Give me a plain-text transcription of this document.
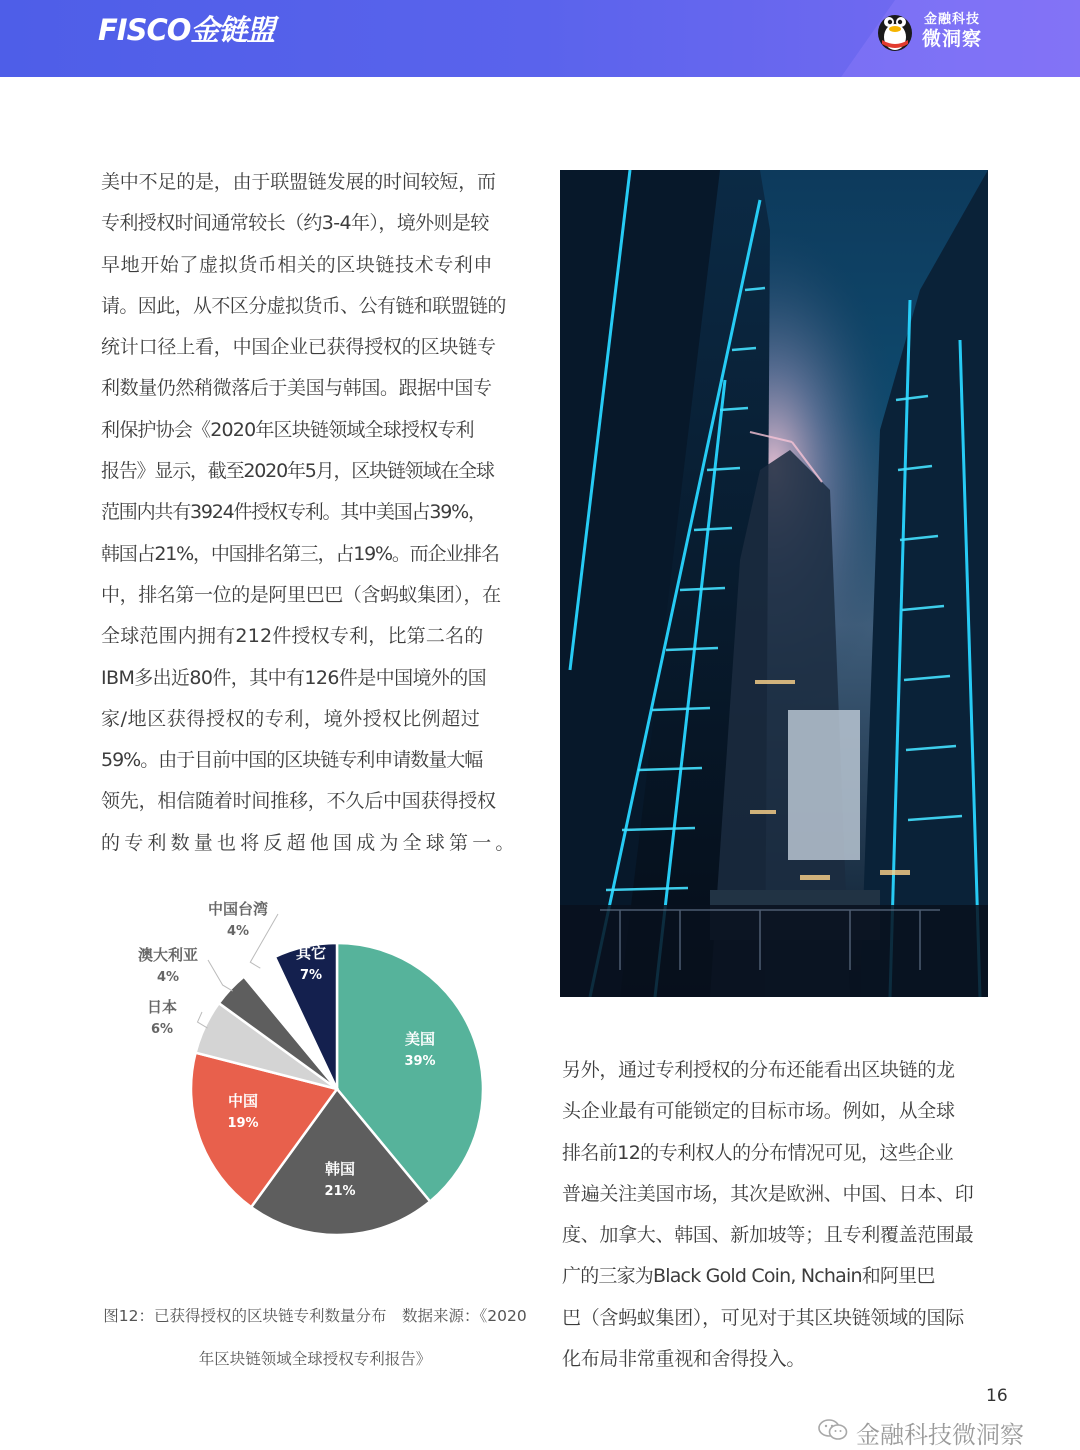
FISCO金链盟	金融科技
微洞察
美中不足的是，由于联盟链发展的时间较短，而
专利授权时间通常较长（约3-4年），境外则是较
早地开始了虚拟货币相关的区块链技术专利申
请。因此，从不区分虚拟货币、公有链和联盟链的
统计口径上看，中国企业已获得授权的区块链专
利数量仍然稍微落后于美国与韩国。跟据中国专
利保护协会《2020年区块链领域全球授权专利
报告》显示，截至2020年5月，区块链领域在全球
范围内共有3924件授权专利。其中美国占39%，
韩国占21%，中国排名第三，占19%。而企业排名
中，排名第一位的是阿里巴巴（含蚂蚁集团），在
全球范围内拥有212件授权专利，比第二名的
IBM多出近80件，其中有126件是中国境外的国
家/地区获得授权的专利，境外授权比例超过
59%。由于目前中国的区块链专利申请数量大幅
领先，相信随着时间推移，不久后中国获得授权
的专利数量也将反超他国成为全球第一。
美国
39%
韩国
21%
中国
19%
日本
6%
澳大利亚
4%
中国台湾
4%
其它
7%
图12：已获得授权的区块链专利数量分布　数据来源：《2020
年区块链领域全球授权专利报告》
另外，通过专利授权的分布还能看出区块链的龙
头企业最有可能锁定的目标市场。例如，从全球
排名前12的专利权人的分布情况可见，这些企业
普遍关注美国市场，其次是欧洲、中国、日本、印
度、加拿大、韩国、新加坡等；且专利覆盖范围最
广的三家为Black Gold Coin, Nchain和阿里巴
巴（含蚂蚁集团），可见对于其区块链领域的国际
化布局非常重视和舍得投入。
16
金融科技微洞察
